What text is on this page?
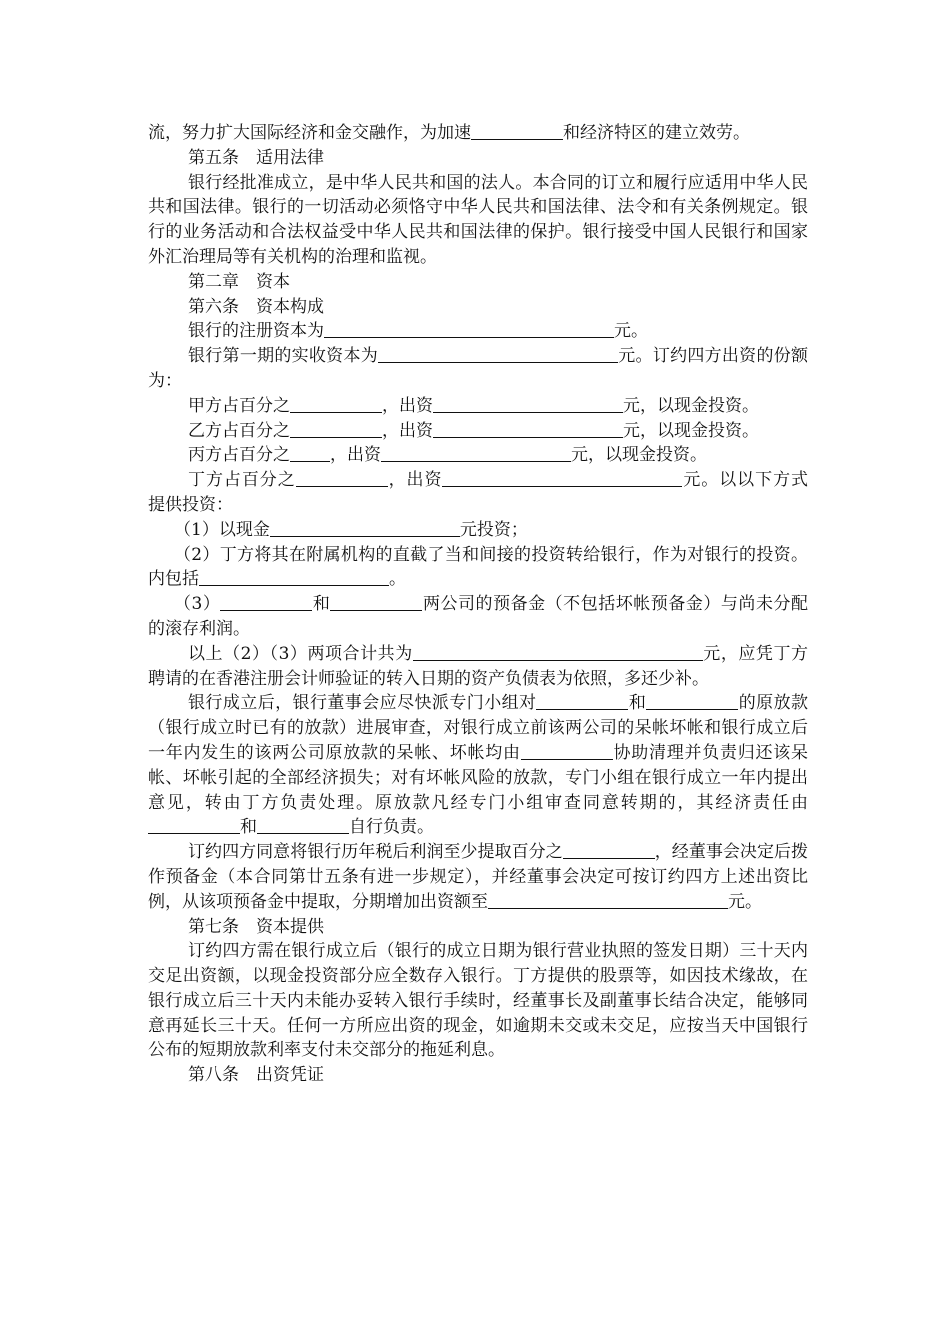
流，努力扩大国际经济和金交融作，为加速	和经济特区的建立效劳。

第五条　适用法律

银行经批准成立，是中华人民共和国的法人。本合同的订立和履行应适用中华人民共和国法律。银行的一切活动必须恪守中华人民共和国法律、法令和有关条例规定。银行的业务活动和合法权益受中华人民共和国法律的保护。银行接受中国人民银行和国家外汇治理局等有关机构的治理和监视。

第二章　资本

第六条　资本构成

银行的注册资本为	元。

银行第一期的实收资本为	元。订约四方出资的份额为：

甲方占百分之	，出资	元，以现金投资。

乙方占百分之	，出资	元，以现金投资。

丙方占百分之 ，出资	元，以现金投资。

丁方占百分之	，出资	元。以以下方式提供投资：

（1）以现金	元投资；

（2）丁方将其在附属机构的直截了当和间接的投资转给银行，作为对银行的投资。内包括	。

（3）	和	两公司的预备金（不包括坏帐预备金）与尚未分配的滚存利润。

以上（2）（3）两项合计共为	元，应凭丁方聘请的在香港注册会计师验证的转入日期的资产负债表为依照，多还少补。

银行成立后，银行董事会应尽快派专门小组对	和	的原放款（银行成立时已有的放款）进展审查，对银行成立前该两公司的呆帐坏帐和银行成立后一年内发生的该两公司原放款的呆帐、坏帐均由	协助清理并负责归还该呆帐、坏帐引起的全部经济损失；对有坏帐风险的放款，专门小组在银行成立一年内提出意见，转由丁方负责处理。原放款凡经专门小组审查同意转期的，其经济责任由和	自行负责。

订约四方同意将银行历年税后利润至少提取百分之	，经董事会决定后拨作预备金（本合同第廿五条有进一步规定），并经董事会决定可按订约四方上述出资比例，从该项预备金中提取，分期增加出资额至	元。

第七条　资本提供

订约四方需在银行成立后（银行的成立日期为银行营业执照的签发日期）三十天内交足出资额，以现金投资部分应全数存入银行。丁方提供的股票等，如因技术缘故，在银行成立后三十天内未能办妥转入银行手续时，经董事长及副董事长结合决定，能够同意再延长三十天。任何一方所应出资的现金，如逾期未交或未交足，应按当天中国银行公布的短期放款利率支付未交部分的拖延利息。

第八条　出资凭证
